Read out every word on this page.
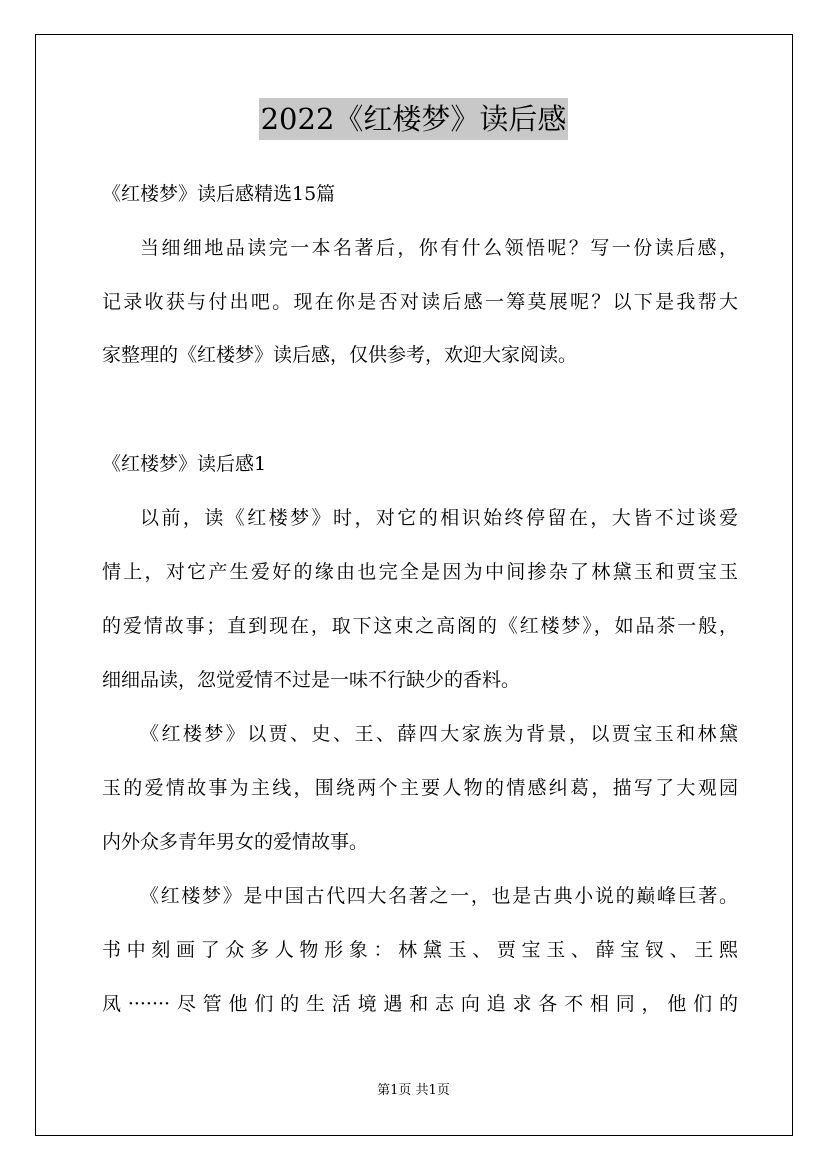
2022《红楼梦》读后感
《红楼梦》读后感精选15篇
当细细地品读完一本名著后，你有什么领悟呢？写一份读后感，
记录收获与付出吧。现在你是否对读后感一筹莫展呢？以下是我帮大
家整理的《红楼梦》读后感，仅供参考，欢迎大家阅读。
《红楼梦》读后感1
以前，读《红楼梦》时，对它的相识始终停留在，大皆不过谈爱
情上，对它产生爱好的缘由也完全是因为中间掺杂了林黛玉和贾宝玉
的爱情故事；直到现在，取下这束之高阁的《红楼梦》，如品茶一般，
细细品读，忽觉爱情不过是一味不行缺少的香料。
《红楼梦》以贾、史、王、薛四大家族为背景，以贾宝玉和林黛
玉的爱情故事为主线，围绕两个主要人物的情感纠葛，描写了大观园
内外众多青年男女的爱情故事。
《红楼梦》是中国古代四大名著之一，也是古典小说的巅峰巨著。
书中刻画了众多人物形象：林黛玉、贾宝玉、薛宝钗、王熙
凤·······尽管他们的生活境遇和志向追求各不相同，他们的
第1页 共1页
